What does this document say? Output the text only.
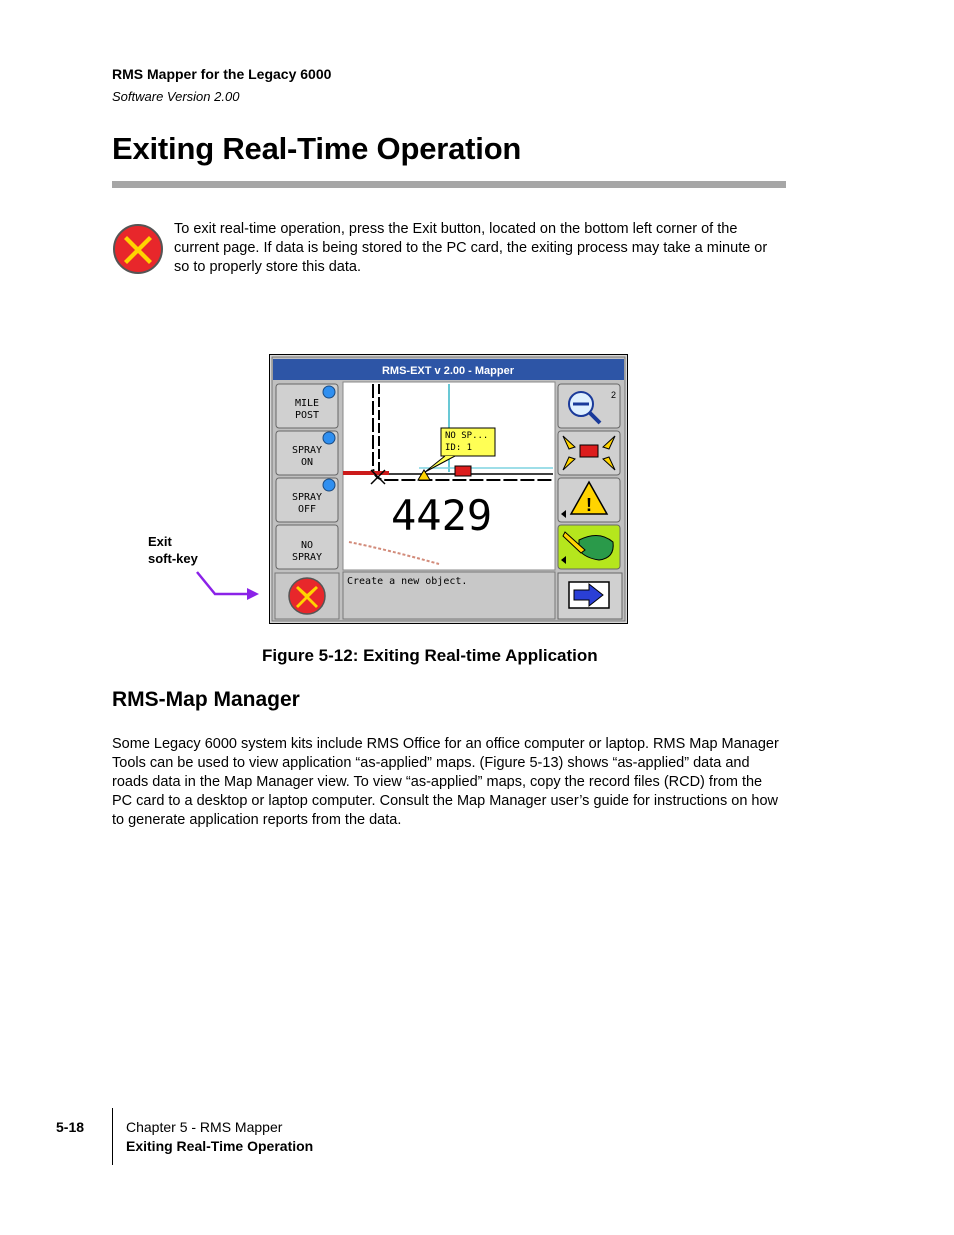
RMS Mapper for the Legacy 6000
Software Version 2.00
Exiting Real-Time Operation
To exit real-time operation, press the Exit button, located on the bottom left corner of the current page. If data is being stored to the PC card, the exiting process may take a minute or so to properly store this data.
RMS-EXT v 2.00 - Mapper
MILE
POST
SPRAY
ON
SPRAY
OFF
NO
SPRAY
NO SP...
ID: 1
4429
2
!
Create a new object.
Exit
soft-key
Figure 5-12: Exiting Real-time Application
RMS-Map Manager
Some Legacy 6000 system kits include RMS Office for an office computer or laptop. RMS Map Manager Tools can be used to view application “as-applied” maps. (Figure 5-13) shows “as-applied” data and roads data in the Map Manager view. To view “as-applied” maps, copy the record files (RCD) from the PC card to a desktop or laptop computer. Consult the Map Manager user’s guide for instructions on how to generate application reports from the data.
5-18	Chapter 5 - RMS Mapper
Exiting Real-Time Operation
